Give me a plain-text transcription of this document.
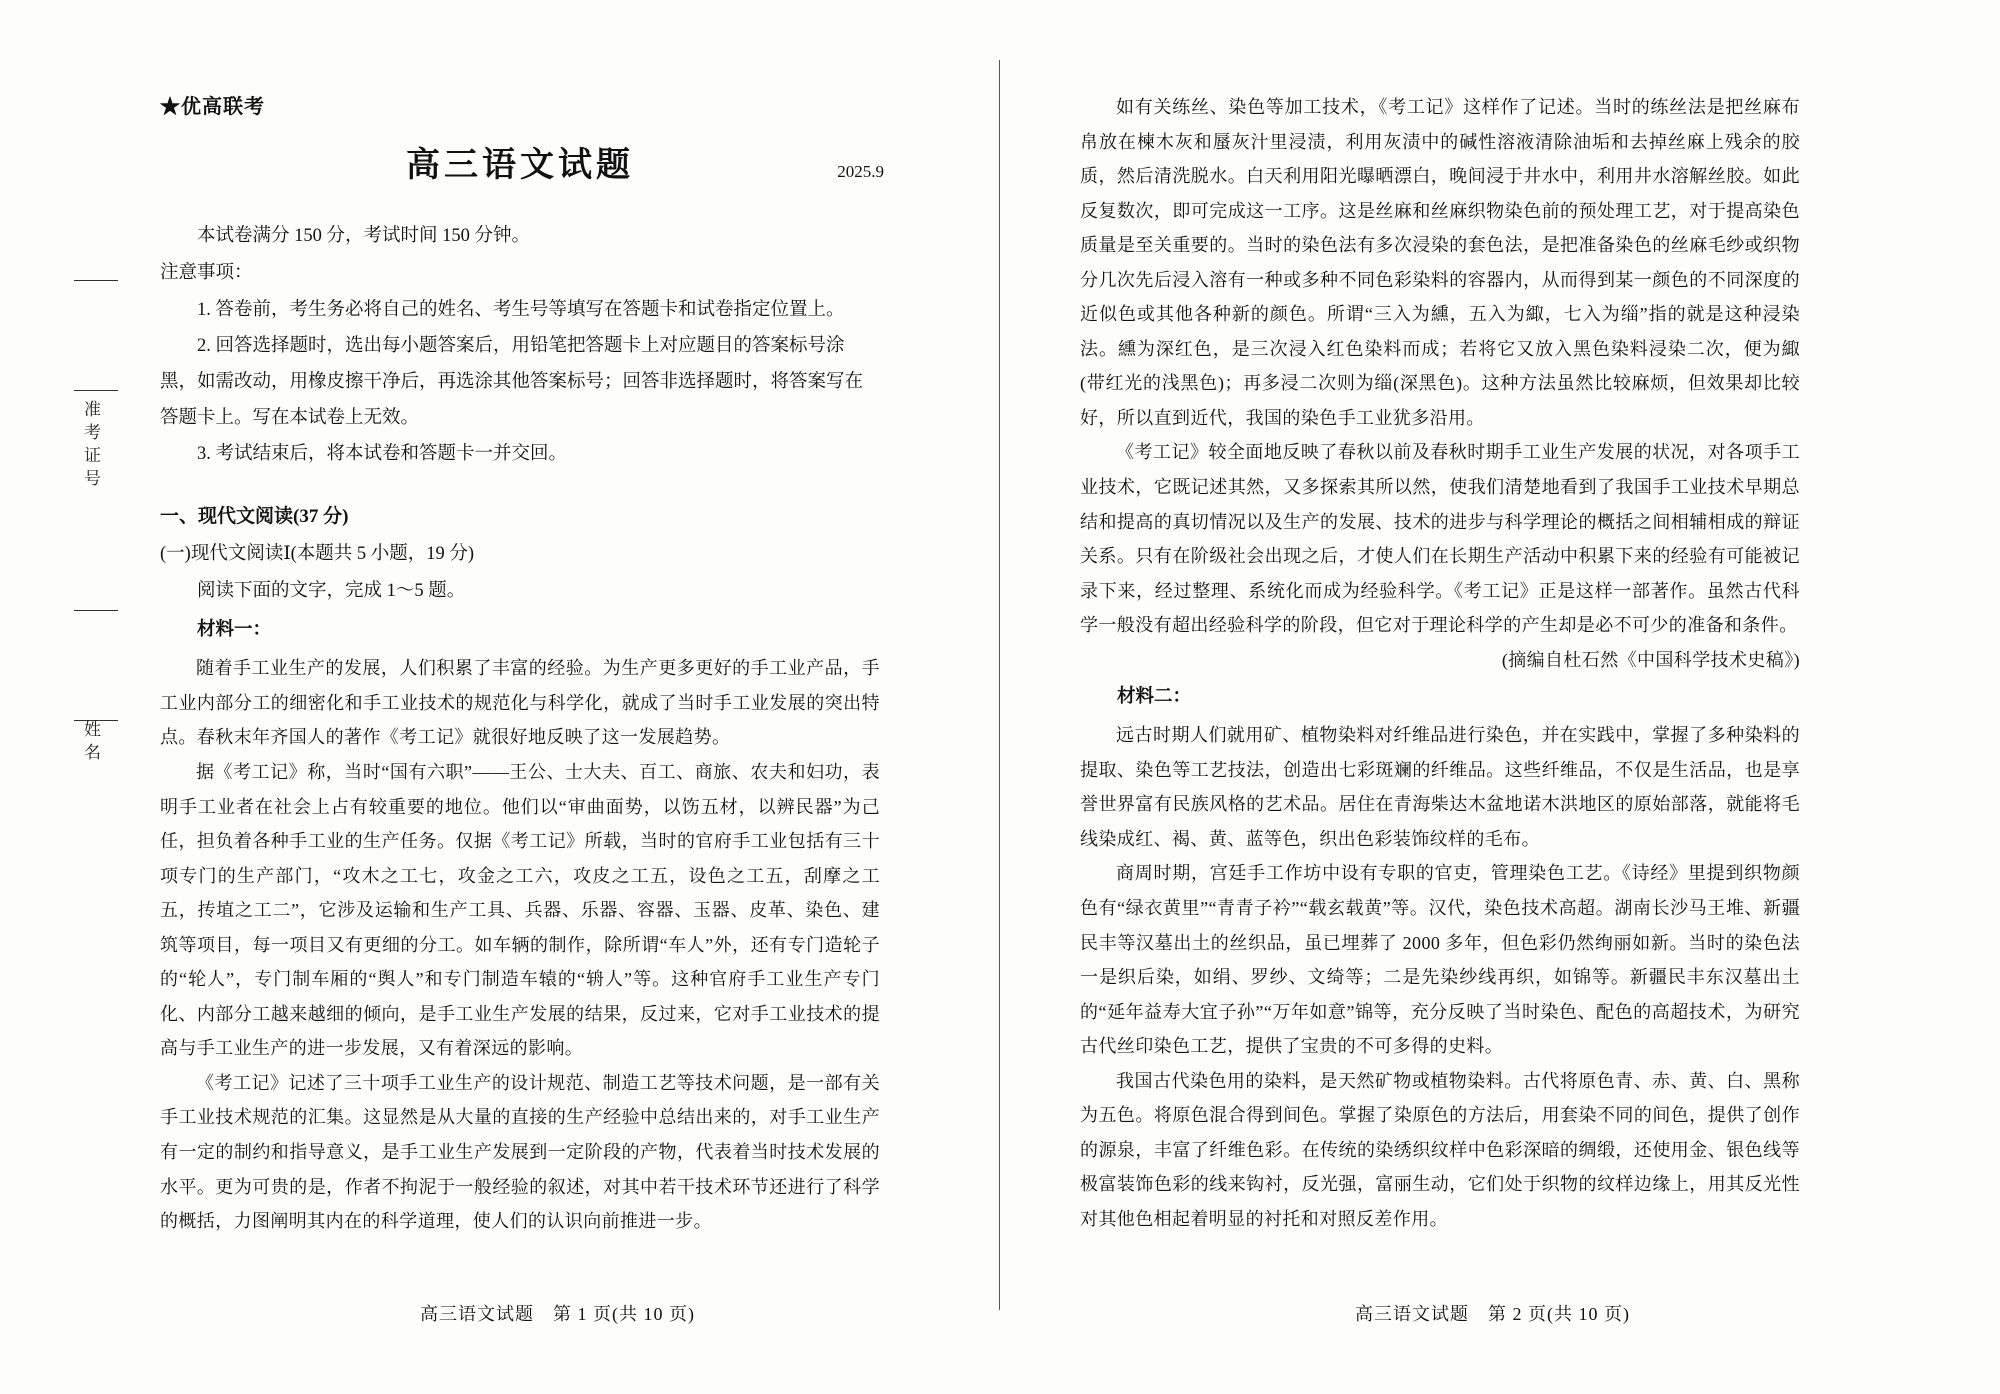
准考证号
姓名
★优高联考
高三语文试题	2025.9
本试卷满分 150 分，考试时间 150 分钟。
注意事项：
1. 答卷前，考生务必将自己的姓名、考生号等填写在答题卡和试卷指定位置上。
2. 回答选择题时，选出每小题答案后，用铅笔把答题卡上对应题目的答案标号涂黑，如需改动，用橡皮擦干净后，再选涂其他答案标号；回答非选择题时，将答案写在答题卡上。写在本试卷上无效。
3. 考试结束后，将本试卷和答题卡一并交回。
一、现代文阅读(37 分)
(一)现代文阅读Ⅰ(本题共 5 小题，19 分)
阅读下面的文字，完成 1～5 题。
材料一：

随着手工业生产的发展，人们积累了丰富的经验。为生产更多更好的手工业产品，手工业内部分工的细密化和手工业技术的规范化与科学化，就成了当时手工业发展的突出特点。春秋末年齐国人的著作《考工记》就很好地反映了这一发展趋势。

据《考工记》称，当时“国有六职”——王公、士大夫、百工、商旅、农夫和妇功，表明手工业者在社会上占有较重要的地位。他们以“审曲面势，以饬五材，以辨民器”为己任，担负着各种手工业的生产任务。仅据《考工记》所载，当时的官府手工业包括有三十项专门的生产部门，“攻木之工七，攻金之工六，攻皮之工五，设色之工五，刮摩之工五，抟埴之工二”，它涉及运输和生产工具、兵器、乐器、容器、玉器、皮革、染色、建筑等项目，每一项目又有更细的分工。如车辆的制作，除所谓“车人”外，还有专门造轮子的“轮人”，专门制车厢的“舆人”和专门制造车辕的“辀人”等。这种官府手工业生产专门化、内部分工越来越细的倾向，是手工业生产发展的结果，反过来，它对手工业技术的提高与手工业生产的进一步发展，又有着深远的影响。

《考工记》记述了三十项手工业生产的设计规范、制造工艺等技术问题，是一部有关手工业技术规范的汇集。这显然是从大量的直接的生产经验中总结出来的，对手工业生产有一定的制约和指导意义，是手工业生产发展到一定阶段的产物，代表着当时技术发展的水平。更为可贵的是，作者不拘泥于一般经验的叙述，对其中若干技术环节还进行了科学的概括，力图阐明其内在的科学道理，使人们的认识向前推进一步。

如有关练丝、染色等加工技术，《考工记》这样作了记述。当时的练丝法是把丝麻布帛放在楝木灰和蜃灰汁里浸渍，利用灰渍中的碱性溶液清除油垢和去掉丝麻上残余的胶质，然后清洗脱水。白天利用阳光曝晒漂白，晚间浸于井水中，利用井水溶解丝胶。如此反复数次，即可完成这一工序。这是丝麻和丝麻织物染色前的预处理工艺，对于提高染色质量是至关重要的。当时的染色法有多次浸染的套色法，是把准备染色的丝麻毛纱或织物分几次先后浸入溶有一种或多种不同色彩染料的容器内，从而得到某一颜色的不同深度的近似色或其他各种新的颜色。所谓“三入为纁，五入为緅，七入为缁”指的就是这种浸染法。纁为深红色，是三次浸入红色染料而成；若将它又放入黑色染料浸染二次，便为緅(带红光的浅黑色)；再多浸二次则为缁(深黑色)。这种方法虽然比较麻烦，但效果却比较好，所以直到近代，我国的染色手工业犹多沿用。

《考工记》较全面地反映了春秋以前及春秋时期手工业生产发展的状况，对各项手工业技术，它既记述其然，又多探索其所以然，使我们清楚地看到了我国手工业技术早期总结和提高的真切情况以及生产的发展、技术的进步与科学理论的概括之间相辅相成的辩证关系。只有在阶级社会出现之后，才使人们在长期生产活动中积累下来的经验有可能被记录下来，经过整理、系统化而成为经验科学。《考工记》正是这样一部著作。虽然古代科学一般没有超出经验科学的阶段，但它对于理论科学的产生却是必不可少的准备和条件。

(摘编自杜石然《中国科学技术史稿》)

材料二：

远古时期人们就用矿、植物染料对纤维品进行染色，并在实践中，掌握了多种染料的提取、染色等工艺技法，创造出七彩斑斓的纤维品。这些纤维品，不仅是生活品，也是享誉世界富有民族风格的艺术品。居住在青海柴达木盆地诺木洪地区的原始部落，就能将毛线染成红、褐、黄、蓝等色，织出色彩装饰纹样的毛布。

商周时期，宫廷手工作坊中设有专职的官吏，管理染色工艺。《诗经》里提到织物颜色有“绿衣黄里”“青青子衿”“载玄载黄”等。汉代，染色技术高超。湖南长沙马王堆、新疆民丰等汉墓出土的丝织品，虽已埋葬了 2000 多年，但色彩仍然绚丽如新。当时的染色法一是织后染，如绢、罗纱、文绮等；二是先染纱线再织，如锦等。新疆民丰东汉墓出土的“延年益寿大宜子孙”“万年如意”锦等，充分反映了当时染色、配色的高超技术，为研究古代丝印染色工艺，提供了宝贵的不可多得的史料。

我国古代染色用的染料，是天然矿物或植物染料。古代将原色青、赤、黄、白、黑称为五色。将原色混合得到间色。掌握了染原色的方法后，用套染不同的间色，提供了创作的源泉，丰富了纤维色彩。在传统的染绣织纹样中色彩深暗的绸缎，还使用金、银色线等极富装饰色彩的线来钩衬，反光强，富丽生动，它们处于织物的纹样边缘上，用其反光性对其他色相起着明显的衬托和对照反差作用。

高三语文试题　第 1 页(共 10 页)	高三语文试题　第 2 页(共 10 页)
